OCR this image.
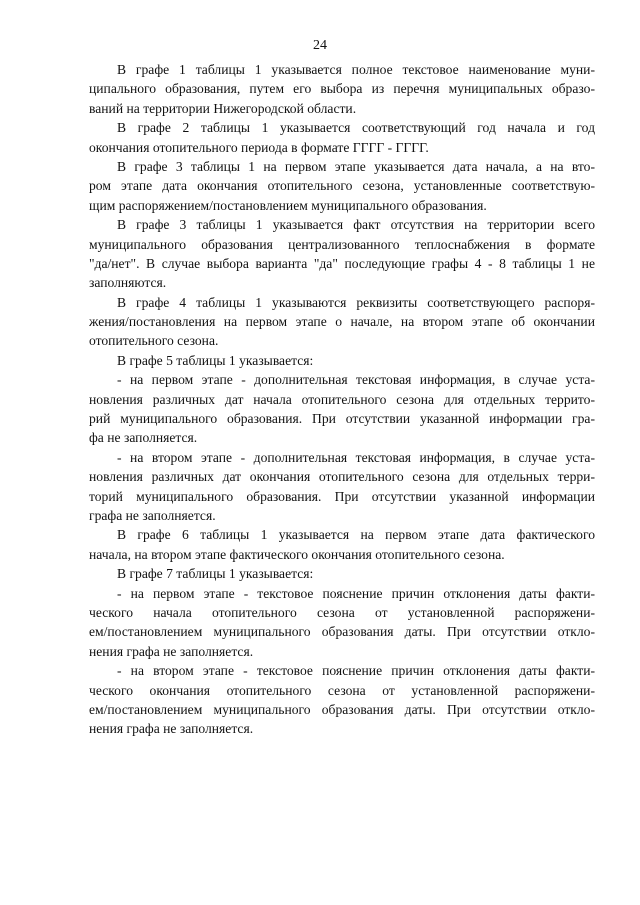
24
В графе 1 таблицы 1 указывается полное текстовое наименование муни-
ципального образования, путем его выбора из перечня муниципальных образо-
ваний на территории Нижегородской области.
В графе 2 таблицы 1 указывается соответствующий год начала и год
окончания отопительного периода в формате ГГГГ - ГГГГ.
В графе 3 таблицы 1 на первом этапе указывается дата начала, а на вто-
ром этапе дата окончания отопительного сезона, установленные соответствую-
щим распоряжением/постановлением муниципального образования.
В графе 3 таблицы 1 указывается факт отсутствия на территории всего
муниципального образования централизованного теплоснабжения в формате
"да/нет". В случае выбора варианта "да" последующие графы 4 - 8 таблицы 1 не
заполняются.
В графе 4 таблицы 1 указываются реквизиты соответствующего распоря-
жения/постановления на первом этапе о начале, на втором этапе об окончании
отопительного сезона.
В графе 5 таблицы 1 указывается:
- на первом этапе - дополнительная текстовая информация, в случае уста-
новления различных дат начала отопительного сезона для отдельных террито-
рий муниципального образования. При отсутствии указанной информации гра-
фа не заполняется.
- на втором этапе - дополнительная текстовая информация, в случае уста-
новления различных дат окончания отопительного сезона для отдельных терри-
торий муниципального образования. При отсутствии указанной информации
графа не заполняется.
В графе 6 таблицы 1 указывается на первом этапе дата фактического
начала, на втором этапе фактического окончания отопительного сезона.
В графе 7 таблицы 1 указывается:
- на первом этапе - текстовое пояснение причин отклонения даты факти-
ческого начала отопительного сезона от установленной распоряжени-
ем/постановлением муниципального образования даты. При отсутствии откло-
нения графа не заполняется.
- на втором этапе - текстовое пояснение причин отклонения даты факти-
ческого окончания отопительного сезона от установленной распоряжени-
ем/постановлением муниципального образования даты. При отсутствии откло-
нения графа не заполняется.
